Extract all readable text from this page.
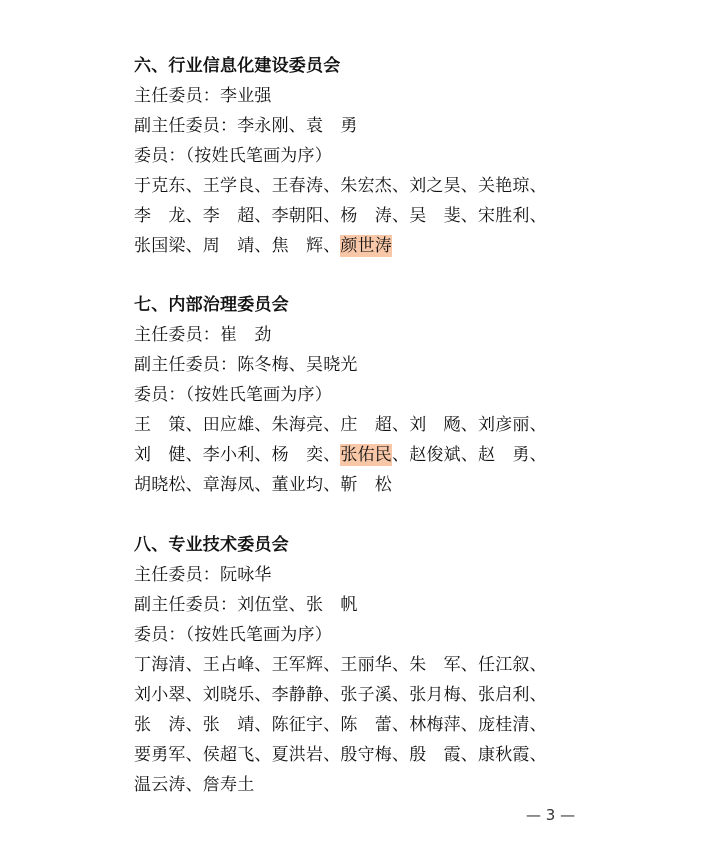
六、行业信息化建设委员会
主任委员：李业强
副主任委员：李永刚、袁　勇
委员：（按姓氏笔画为序）
于克东、王学良、王春涛、朱宏杰、刘之昊、关艳琼、
李　龙、李　超、李朝阳、杨　涛、吴　斐、宋胜利、
张国梁、周　靖、焦　辉、颜世涛
七、内部治理委员会
主任委员：崔　劲
副主任委员：陈冬梅、吴晓光
委员：（按姓氏笔画为序）
王　策、田应雄、朱海亮、庄　超、刘　飏、刘彦丽、
刘　健、李小利、杨　奕、张佑民、赵俊斌、赵　勇、
胡晓松、章海凤、董业均、靳　松
八、专业技术委员会
主任委员：阮咏华
副主任委员：刘伍堂、张　帆
委员：（按姓氏笔画为序）
丁海清、王占峰、王军辉、王丽华、朱　军、任江叙、
刘小翠、刘晓乐、李静静、张子溪、张月梅、张启利、
张　涛、张　靖、陈征宇、陈　蕾、林梅萍、庞桂清、
要勇军、侯超飞、夏洪岩、殷守梅、殷　霞、康秋霞、
温云涛、詹寿土
— 3 —
